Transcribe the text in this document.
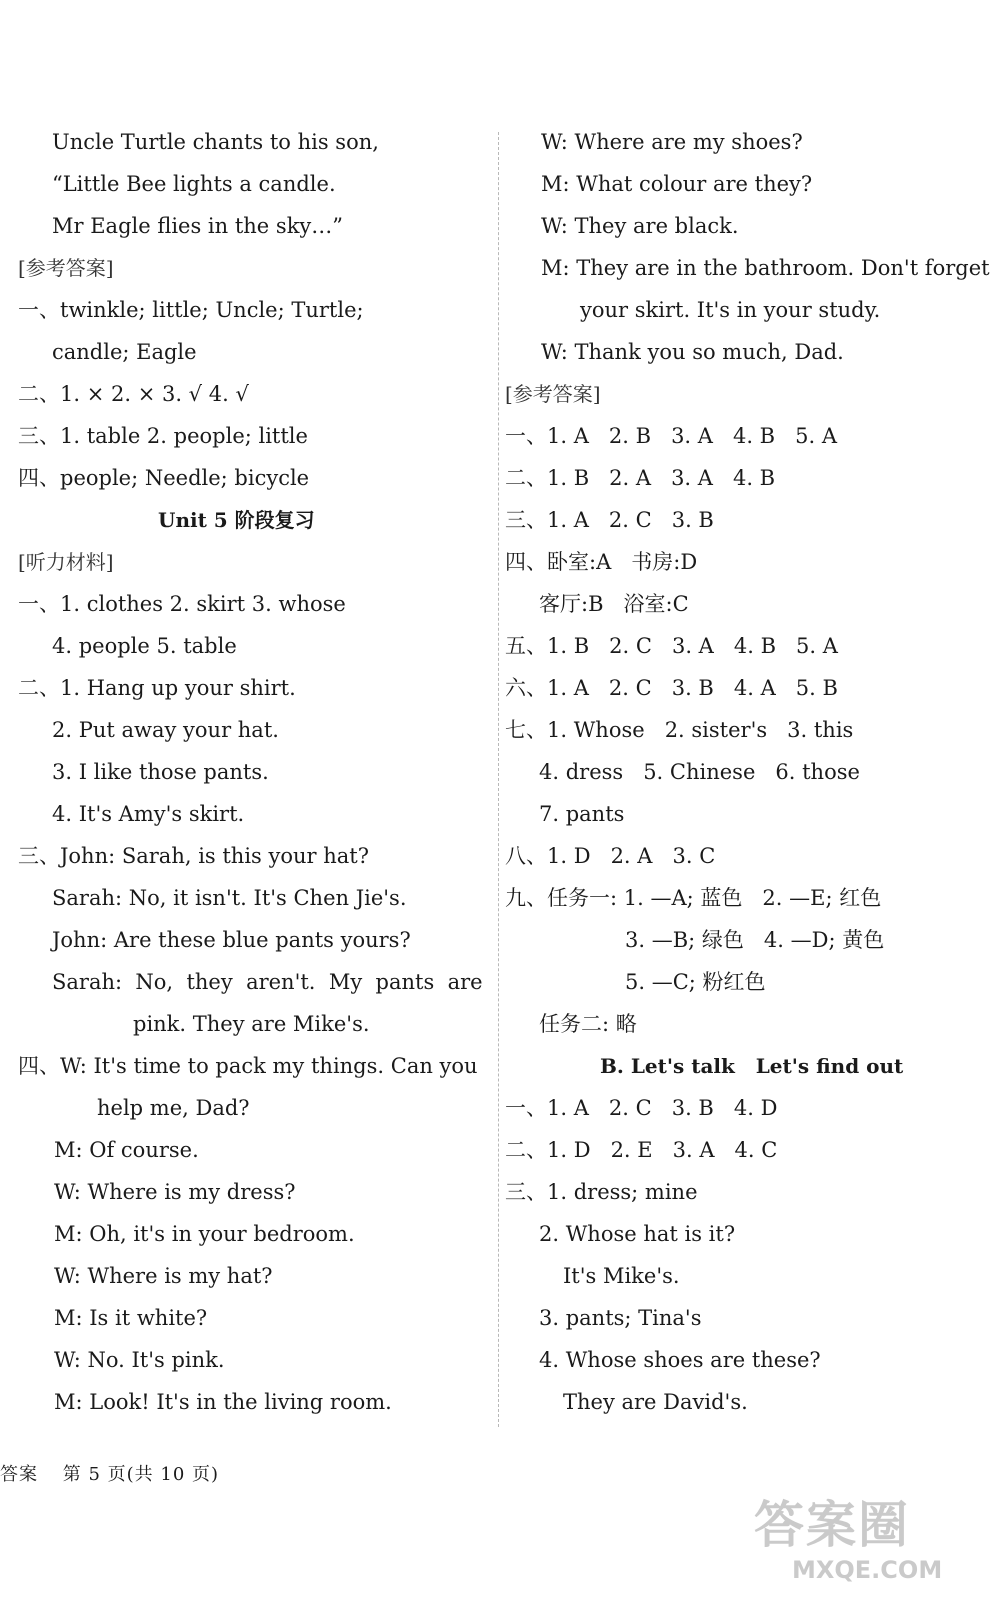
Uncle Turtle chants to his son,
“Little Bee lights a candle.
Mr Eagle flies in the sky…”
[参考答案]
一、twinkle; little; Uncle; Turtle;
candle; Eagle
二、1. × 2. × 3. √ 4. √
三、1. table 2. people; little
四、people; Needle; bicycle
Unit 5 阶段复习
[听力材料]
一、1. clothes 2. skirt 3. whose
4. people 5. table
二、1. Hang up your shirt.
2. Put away your hat.
3. I like those pants.
4. It's Amy's skirt.
三、John: Sarah, is this your hat?
Sarah: No, it isn't. It's Chen Jie's.
John: Are these blue pants yours?
Sarah:  No,  they  aren't.  My  pants  are
pink. They are Mike's.
四、W: It's time to pack my things. Can you
help me, Dad?
M: Of course.
W: Where is my dress?
M: Oh, it's in your bedroom.
W: Where is my hat?
M: Is it white?
W: No. It's pink.
M: Look! It's in the living room.
W: Where are my shoes?
M: What colour are they?
W: They are black.
M: They are in the bathroom. Don't forget
your skirt. It's in your study.
W: Thank you so much, Dad.
[参考答案]
一、1. A   2. B   3. A   4. B   5. A
二、1. B   2. A   3. A   4. B
三、1. A   2. C   3. B
四、卧室:A   书房:D
客厅:B   浴室:C
五、1. B   2. C   3. A   4. B   5. A
六、1. A   2. C   3. B   4. A   5. B
七、1. Whose   2. sister's   3. this
4. dress   5. Chinese   6. those
7. pants
八、1. D   2. A   3. C
九、任务一: 1. —A; 蓝色   2. —E; 红色
3. —B; 绿色   4. —D; 黄色
5. —C; 粉红色
任务二: 略
B. Let's talk   Let's find out
一、1. A   2. C   3. B   4. D
二、1. D   2. E   3. A   4. C
三、1. dress; mine
2. Whose hat is it?
It's Mike's.
3. pants; Tina's
4. Whose shoes are these?
They are David's.
答案 第 5 页(共 10 页)
答案圈
MXQE.COM
